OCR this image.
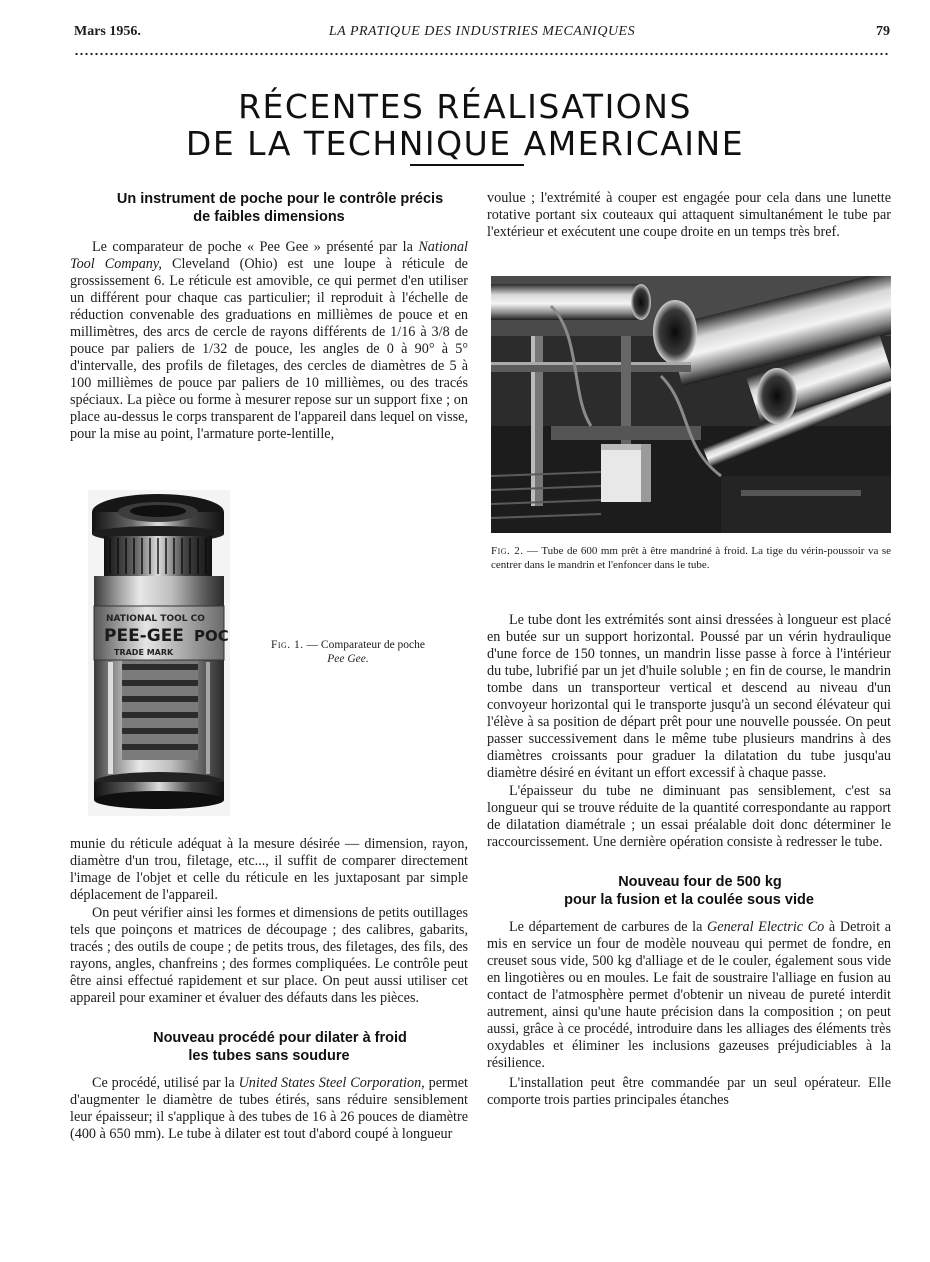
Mars 1956.	LA PRATIQUE DES INDUSTRIES MECANIQUES	79
RÉCENTES RÉALISATIONS
DE LA TECHNIQUE AMERICAINE

Un instrument de poche pour le contrôle précis
de faibles dimensions

Le comparateur de poche « Pee Gee » présenté par la National Tool Company, Cleveland (Ohio) est une loupe à réticule de grossissement 6. Le réticule est amovible, ce qui permet d'en utiliser un différent pour chaque cas particulier; il reproduit à l'échelle de réduction convenable des graduations en millièmes de pouce et en millimètres, des arcs de cercle de rayons différents de 1/16 à 3/8 de pouce par paliers de 1/32 de pouce, les angles de 0 à 90° à 5° d'intervalle, des profils de filetages, des cercles de diamètres de 5 à 100 millièmes de pouce par paliers de 10 millièmes, ou des tracés spéciaux. La pièce ou forme à mesurer repose sur un support fixe ; on place au-dessus le corps transparent de l'appareil dans lequel on visse, pour la mise au point, l'armature porte-lentille,

NATIONAL TOOL CO
PEE-GEE POC
TRADE MARK
Fig. 1. — Comparateur de poche
Pee Gee.

munie du réticule adéquat à la mesure désirée — dimension, rayon, diamètre d'un trou, filetage, etc..., il suffit de comparer directement l'image de l'objet et celle du réticule en les juxtaposant par simple déplacement de l'appareil.

On peut vérifier ainsi les formes et dimensions de petits outillages tels que poinçons et matrices de découpage ; des calibres, gabarits, tracés ; des outils de coupe ; de petits trous, des filetages, des fils, des rayons, angles, chanfreins ; des formes compliquées. Le contrôle peut être ainsi effectué rapidement et sur place. On peut aussi utiliser cet appareil pour examiner et évaluer des défauts dans les pièces.

Nouveau procédé pour dilater à froid
les tubes sans soudure

Ce procédé, utilisé par la United States Steel Corporation, permet d'augmenter le diamètre de tubes étirés, sans réduire sensiblement leur épaisseur; il s'applique à des tubes de 16 à 26 pouces de diamètre (400 à 650 mm). Le tube à dilater est tout d'abord coupé à longueur

voulue ; l'extrémité à couper est engagée pour cela dans une lunette rotative portant six couteaux qui attaquent simultanément le tube par l'extérieur et exécutent une coupe droite en un temps très bref.

Fig. 2. — Tube de 600 mm prêt à être mandriné à froid. La tige du vérin-poussoir va se centrer dans le mandrin et l'enfoncer dans le tube.

Le tube dont les extrémités sont ainsi dressées à longueur est placé en butée sur un support horizontal. Poussé par un vérin hydraulique d'une force de 150 tonnes, un mandrin lisse passe à force à l'intérieur du tube, lubrifié par un jet d'huile soluble ; en fin de course, le mandrin tombe dans un transporteur vertical et descend au niveau d'un convoyeur horizontal qui le transporte jusqu'à un second élévateur qui l'élève à sa position de départ prêt pour une nouvelle poussée. On peut passer successivement dans le même tube plusieurs mandrins à des diamètres croissants pour graduer la dilatation du tube jusqu'au diamètre désiré en évitant un effort excessif à chaque passe.

L'épaisseur du tube ne diminuant pas sensiblement, c'est sa longueur qui se trouve réduite de la quantité correspondante au rapport de dilatation diamétrale ; un essai préalable doit donc déterminer le raccourcissement. Une dernière opération consiste à redresser le tube.

Nouveau four de 500 kg
pour la fusion et la coulée sous vide

Le département de carbures de la General Electric Co à Detroit a mis en service un four de modèle nouveau qui permet de fondre, en creuset sous vide, 500 kg d'alliage et de le couler, également sous vide en lingotières ou en moules. Le fait de soustraire l'alliage en fusion au contact de l'atmosphère permet d'obtenir un niveau de pureté interdit autrement, ainsi qu'une haute précision dans la composition ; on peut aussi, grâce à ce procédé, introduire dans les alliages des éléments très oxydables et éliminer les inclusions gazeuses préjudiciables à la résilience.

L'installation peut être commandée par un seul opérateur. Elle comporte trois parties principales étanches
